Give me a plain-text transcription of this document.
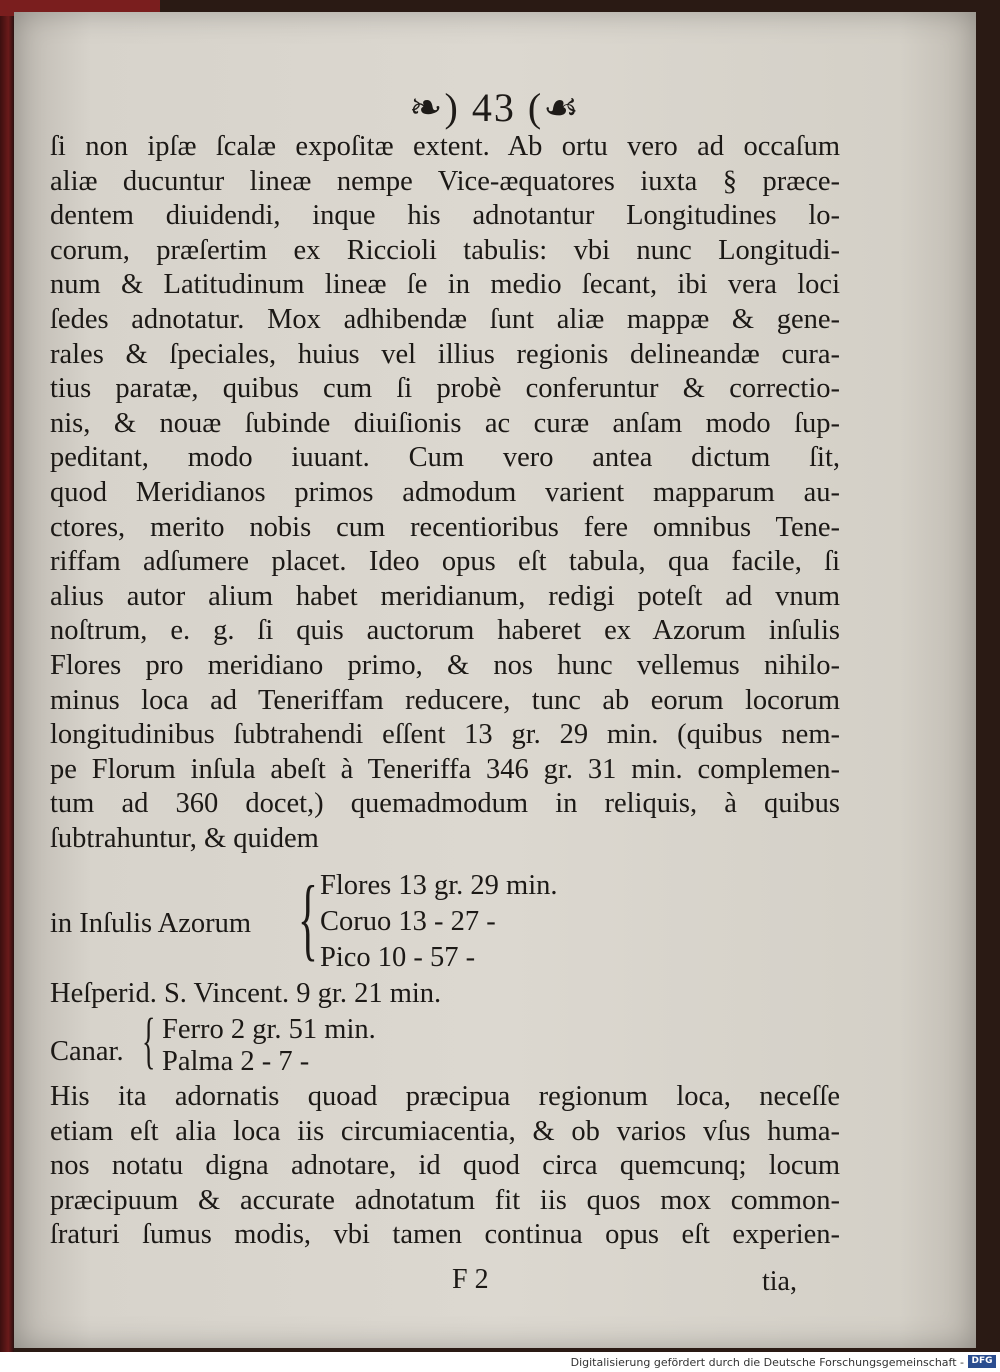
❧) 43 (☙
ſi non ipſæ ſcalæ expoſitæ extent. Ab ortu vero ad occaſum
aliæ ducuntur lineæ nempe Vice-æquatores iuxta § præce-
dentem diuidendi, inque his adnotantur Longitudines lo-
corum, præſertim ex Riccioli tabulis: vbi nunc Longitudi-
num & Latitudinum lineæ ſe in medio ſecant, ibi vera loci
ſedes adnotatur. Mox adhibendæ ſunt aliæ mappæ & gene-
rales & ſpeciales, huius vel illius regionis delineandæ cura-
tius paratæ, quibus cum ſi probè conferuntur & correctio-
nis, & nouæ ſubinde diuiſionis ac curæ anſam modo ſup-
peditant, modo iuuant. Cum vero antea dictum ſit,
quod Meridianos primos admodum varient mapparum au-
ctores, merito nobis cum recentioribus fere omnibus Tene-
riffam adſumere placet. Ideo opus eſt tabula, qua facile, ſi
alius autor alium habet meridianum, redigi poteſt ad vnum
noſtrum, e. g. ſi quis auctorum haberet ex Azorum inſulis
Flores pro meridiano primo, & nos hunc vellemus nihilo-
minus loca ad Teneriffam reducere, tunc ab eorum locorum
longitudinibus ſubtrahendi eſſent 13 gr. 29 min. (quibus nem-
pe Florum inſula abeſt à Teneriffa 346 gr. 31 min. complemen-
tum ad 360 docet,) quemadmodum in reliquis, à quibus
ſubtrahuntur, & quidem
in Inſulis Azorum { Flores 13 gr. 29 min.
Coruo 13 - 27 -
Pico 10 - 57 -
Heſperid. S. Vincent. 9 gr. 21 min.
Canar. { Ferro 2 gr. 51 min.
Palma 2 - 7 -
His ita adornatis quoad præcipua regionum loca, neceſſe
etiam eſt alia loca iis circumiacentia, & ob varios vſus huma-
nos notatu digna adnotare, id quod circa quemcunq; locum
præcipuum & accurate adnotatum fit iis quos mox common-
ſraturi ſumus modis, vbi tamen continua opus eſt experien-
F 2	tia,
Digitalisierung gefördert durch die Deutsche Forschungsgemeinschaft - DFG
